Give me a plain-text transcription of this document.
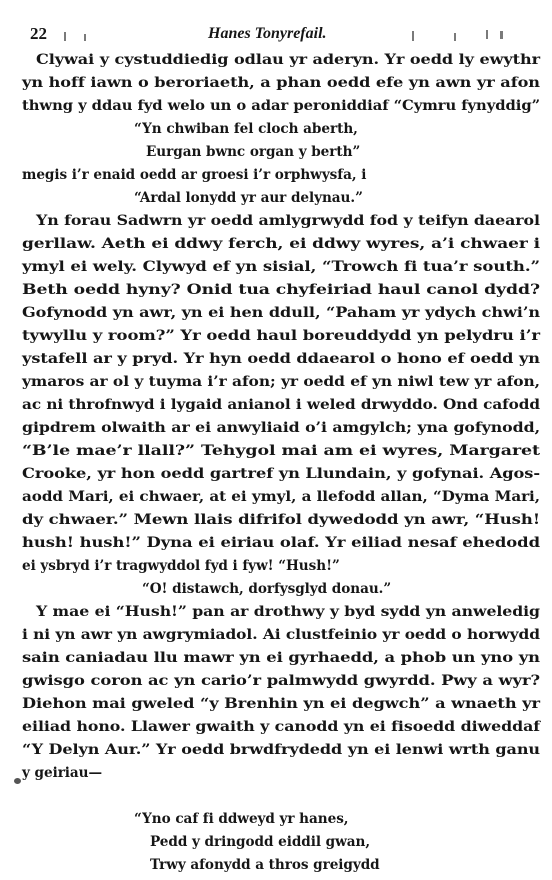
22	Hanes Tonyrefail.
Clywai y cystuddiedig odlau yr aderyn. Yr oedd ly ewythr
yn hoff iawn o beroriaeth, a phan oedd efe yn awn yr afon
thwng y ddau fyd welo un o adar peroniddiaf “Cymru fynyddig”
“Yn chwiban fel cloch aberth,
Eurgan bwnc organ y berth”
megis i’r enaid oedd ar groesi i’r orphwysfa, i
“Ardal lonydd yr aur delynau.”
Yn forau Sadwrn yr oedd amlygrwydd fod y teifyn daearol
gerllaw. Aeth ei ddwy ferch, ei ddwy wyres, a’i chwaer i
ymyl ei wely. Clywyd ef yn sisial, “Trowch fi tua’r south.”
Beth oedd hyny? Onid tua chyfeiriad haul canol dydd?
Gofynodd yn awr, yn ei hen ddull, “Paham yr ydych chwi’n
tywyllu y room?” Yr oedd haul boreuddydd yn pelydru i’r
ystafell ar y pryd. Yr hyn oedd ddaearol o hono ef oedd yn
ymaros ar ol y tuyma i’r afon; yr oedd ef yn niwl tew yr afon,
ac ni throfnwyd i lygaid anianol i weled drwyddo. Ond cafodd
gipdrem olwaith ar ei anwyliaid o’i amgylch; yna gofynodd,
“B’le mae’r llall?” Tehygol mai am ei wyres, Margaret
Crooke, yr hon oedd gartref yn Llundain, y gofynai. Agos-
aodd Mari, ei chwaer, at ei ymyl, a llefodd allan, “Dyma Mari,
dy chwaer.” Mewn llais difrifol dywedodd yn awr, “Hush!
hush! hush!” Dyna ei eiriau olaf. Yr eiliad nesaf ehedodd
ei ysbryd i’r tragwyddol fyd i fyw! “Hush!”
“O! distawch, dorfysglyd donau.”
Y mae ei “Hush!” pan ar drothwy y byd sydd yn anweledig
i ni yn awr yn awgrymiadol. Ai clustfeinio yr oedd o horwydd
sain caniadau llu mawr yn ei gyrhaedd, a phob un yno yn
gwisgo coron ac yn cario’r palmwydd gwyrdd. Pwy a wyr?
Diehon mai gweled “y Brenhin yn ei degwch” a wnaeth yr
eiliad hono. Llawer gwaith y canodd yn ei fisoedd diweddaf
“Y Delyn Aur.” Yr oedd brwdfrydedd yn ei lenwi wrth ganu
y geiriau—
“Yno caf fi ddweyd yr hanes,
Pedd y dringodd eiddil gwan,
Trwy afonydd a thros greigydd
